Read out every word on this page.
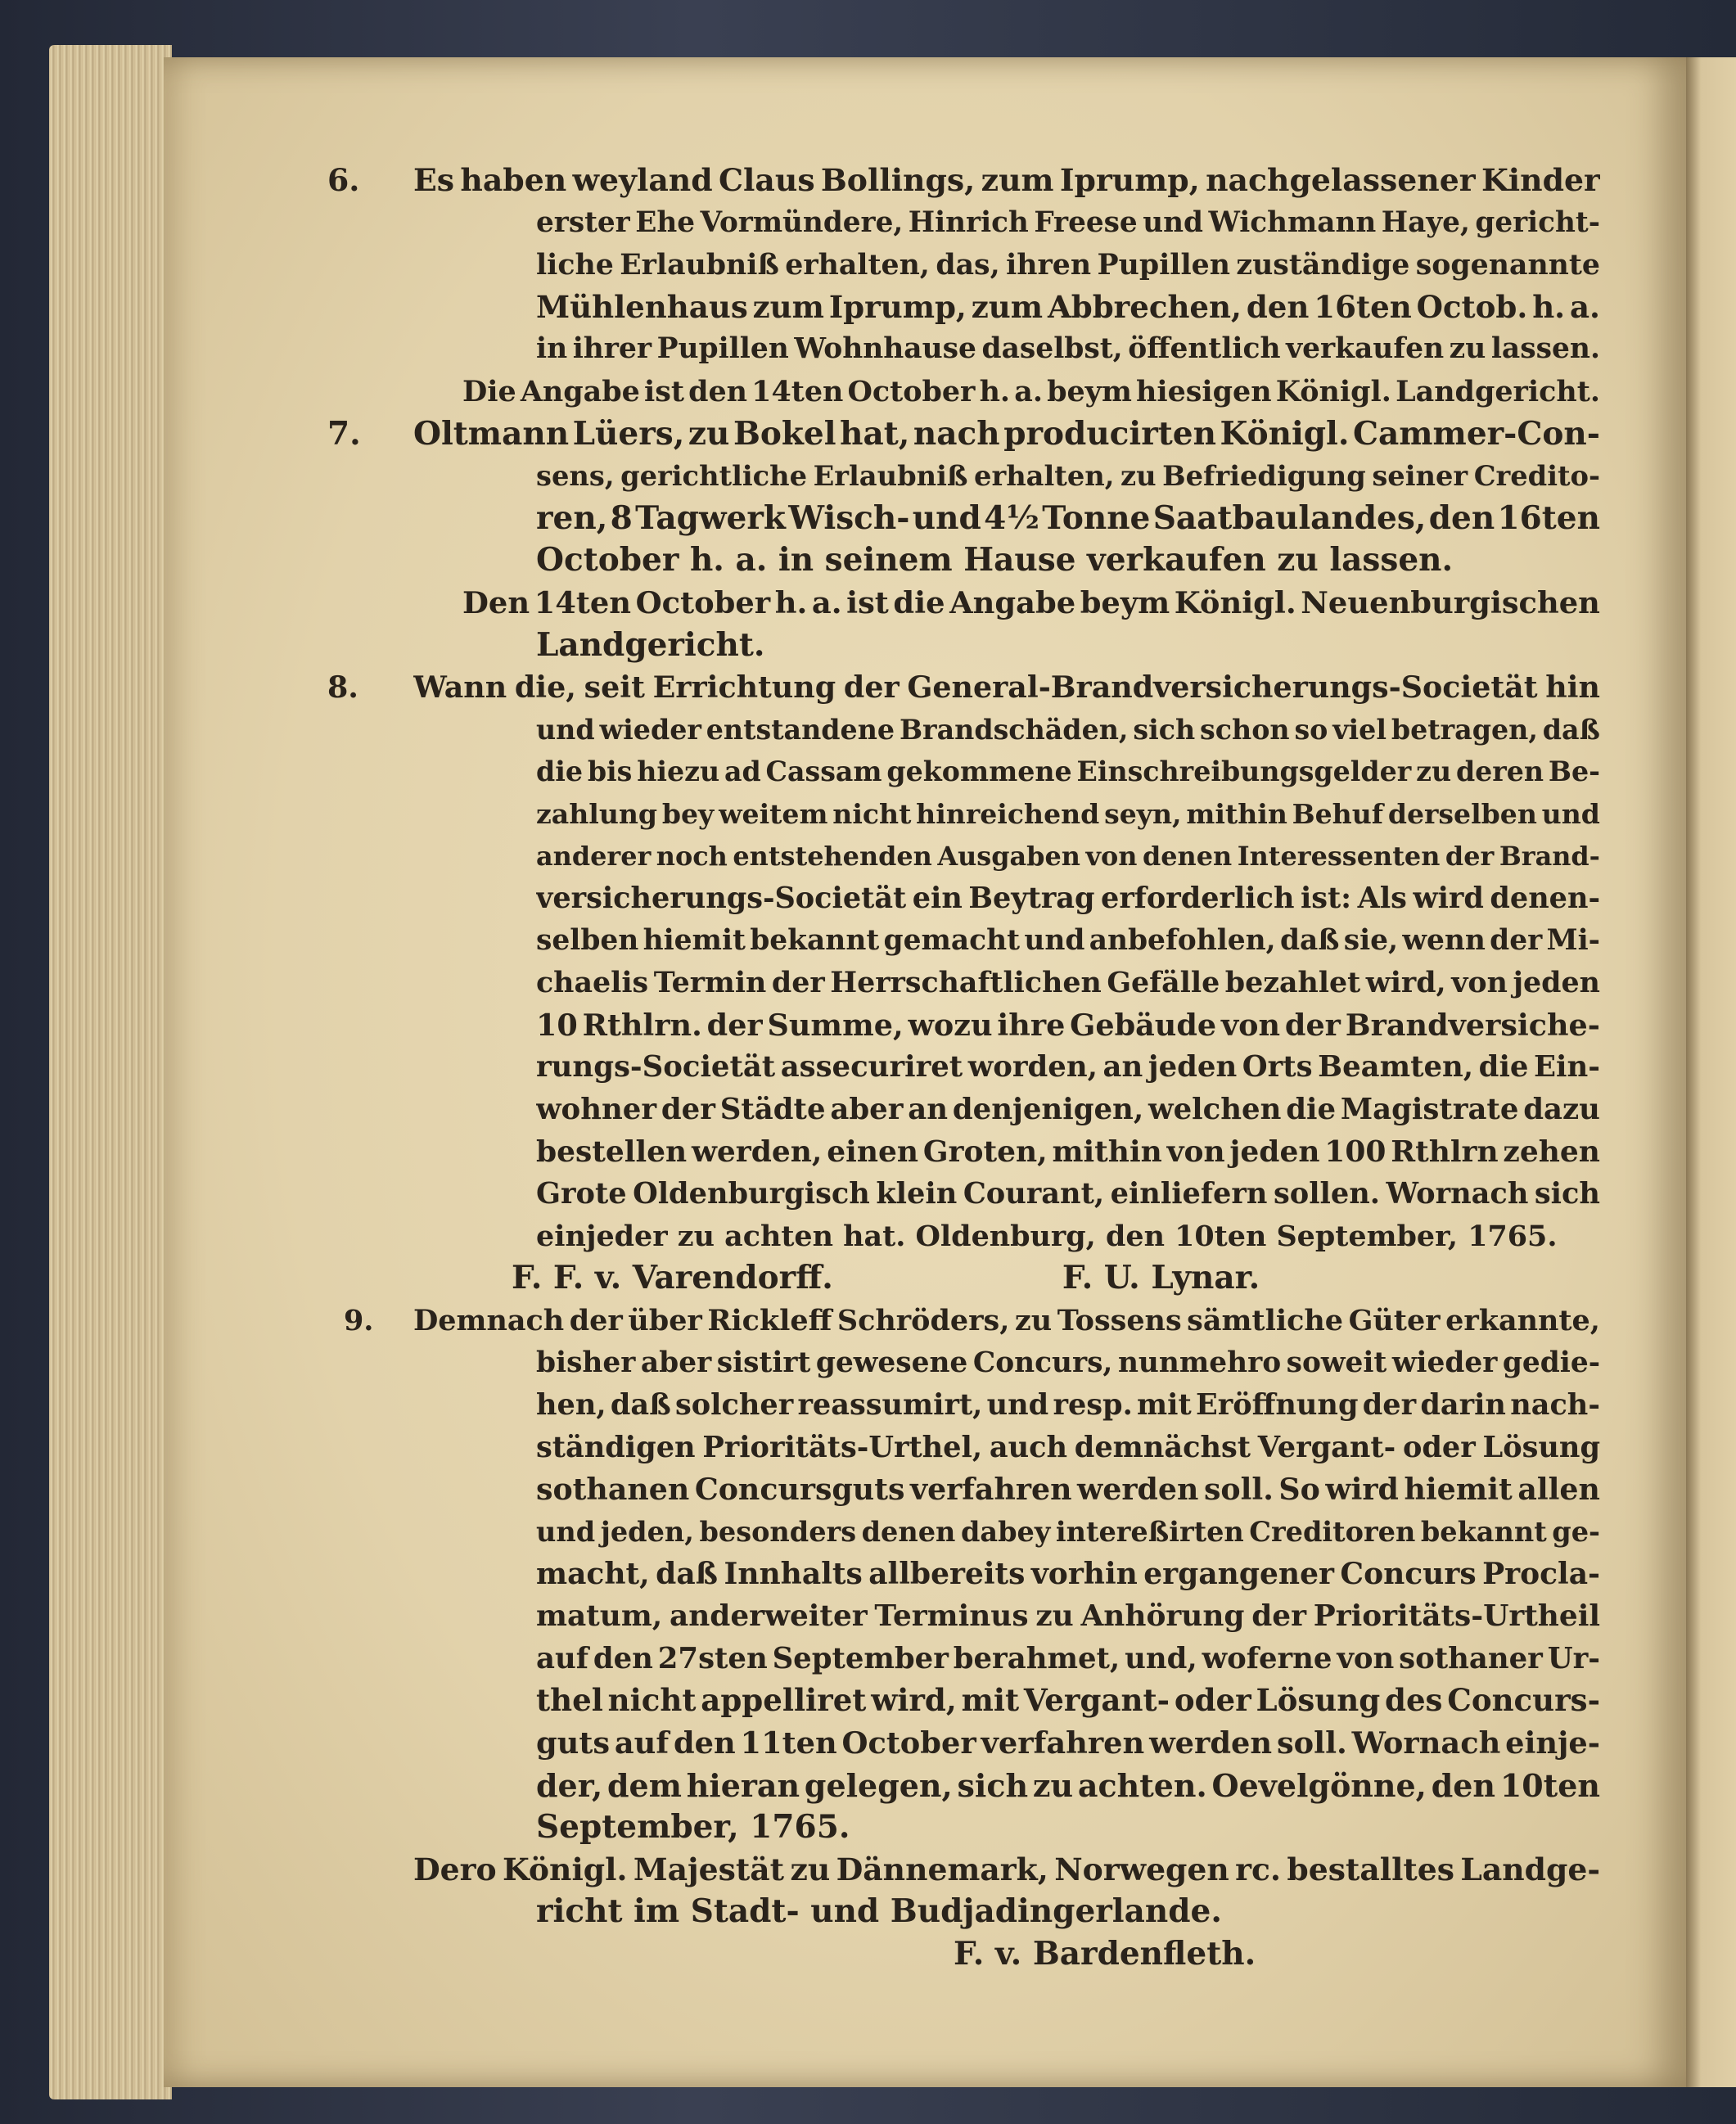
6. Es haben weyland Claus Bollings, zum Iprump, nachgelassener Kinder
erster Ehe Vormündere, Hinrich Freese und Wichmann Haye, gericht-
liche Erlaubniß erhalten, das, ihren Pupillen zuständige sogenannte
Mühlenhaus zum Iprump, zum Abbrechen, den 16ten Octob. h. a.
in ihrer Pupillen Wohnhause daselbst, öffentlich verkaufen zu lassen.
Die Angabe ist den 14ten October h. a. beym hiesigen Königl. Landgericht.
7. Oltmann Lüers, zu Bokel hat, nach producirten Königl. Cammer-Con-
sens, gerichtliche Erlaubniß erhalten, zu Befriedigung seiner Credito-
ren, 8 Tagwerk Wisch- und 4½ Tonne Saatbaulandes, den 16ten
October h. a. in seinem Hause verkaufen zu lassen.
Den 14ten October h. a. ist die Angabe beym Königl. Neuenburgischen
Landgericht.
8. Wann die, seit Errichtung der General-Brandversicherungs-Societät hin
und wieder entstandene Brandschäden, sich schon so viel betragen, daß
die bis hiezu ad Cassam gekommene Einschreibungsgelder zu deren Be-
zahlung bey weitem nicht hinreichend seyn, mithin Behuf derselben und
anderer noch entstehenden Ausgaben von denen Interessenten der Brand-
versicherungs-Societät ein Beytrag erforderlich ist: Als wird denen-
selben hiemit bekannt gemacht und anbefohlen, daß sie, wenn der Mi-
chaelis Termin der Herrschaftlichen Gefälle bezahlet wird, von jeden
10 Rthlrn. der Summe, wozu ihre Gebäude von der Brandversiche-
rungs-Societät assecuriret worden, an jeden Orts Beamten, die Ein-
wohner der Städte aber an denjenigen, welchen die Magistrate dazu
bestellen werden, einen Groten, mithin von jeden 100 Rthlrn zehen
Grote Oldenburgisch klein Courant, einliefern sollen. Wornach sich
einjeder zu achten hat. Oldenburg, den 10ten September, 1765.
F. F. v. Varendorff.	F. U. Lynar.
9. Demnach der über Rickleff Schröders, zu Tossens sämtliche Güter erkannte,
bisher aber sistirt gewesene Concurs, nunmehro soweit wieder gedie-
hen, daß solcher reassumirt, und resp. mit Eröffnung der darin nach-
ständigen Prioritäts-Urthel, auch demnächst Vergant- oder Lösung
sothanen Concursguts verfahren werden soll. So wird hiemit allen
und jeden, besonders denen dabey intereßirten Creditoren bekannt ge-
macht, daß Innhalts allbereits vorhin ergangener Concurs Procla-
matum, anderweiter Terminus zu Anhörung der Prioritäts-Urtheil
auf den 27sten September berahmet, und, woferne von sothaner Ur-
thel nicht appelliret wird, mit Vergant- oder Lösung des Concurs-
guts auf den 11ten October verfahren werden soll. Wornach einje-
der, dem hieran gelegen, sich zu achten. Oevelgönne, den 10ten
September, 1765.
Dero Königl. Majestät zu Dännemark, Norwegen rc. bestalltes Landge-
richt im Stadt- und Budjadingerlande.
F. v. Bardenfleth.
